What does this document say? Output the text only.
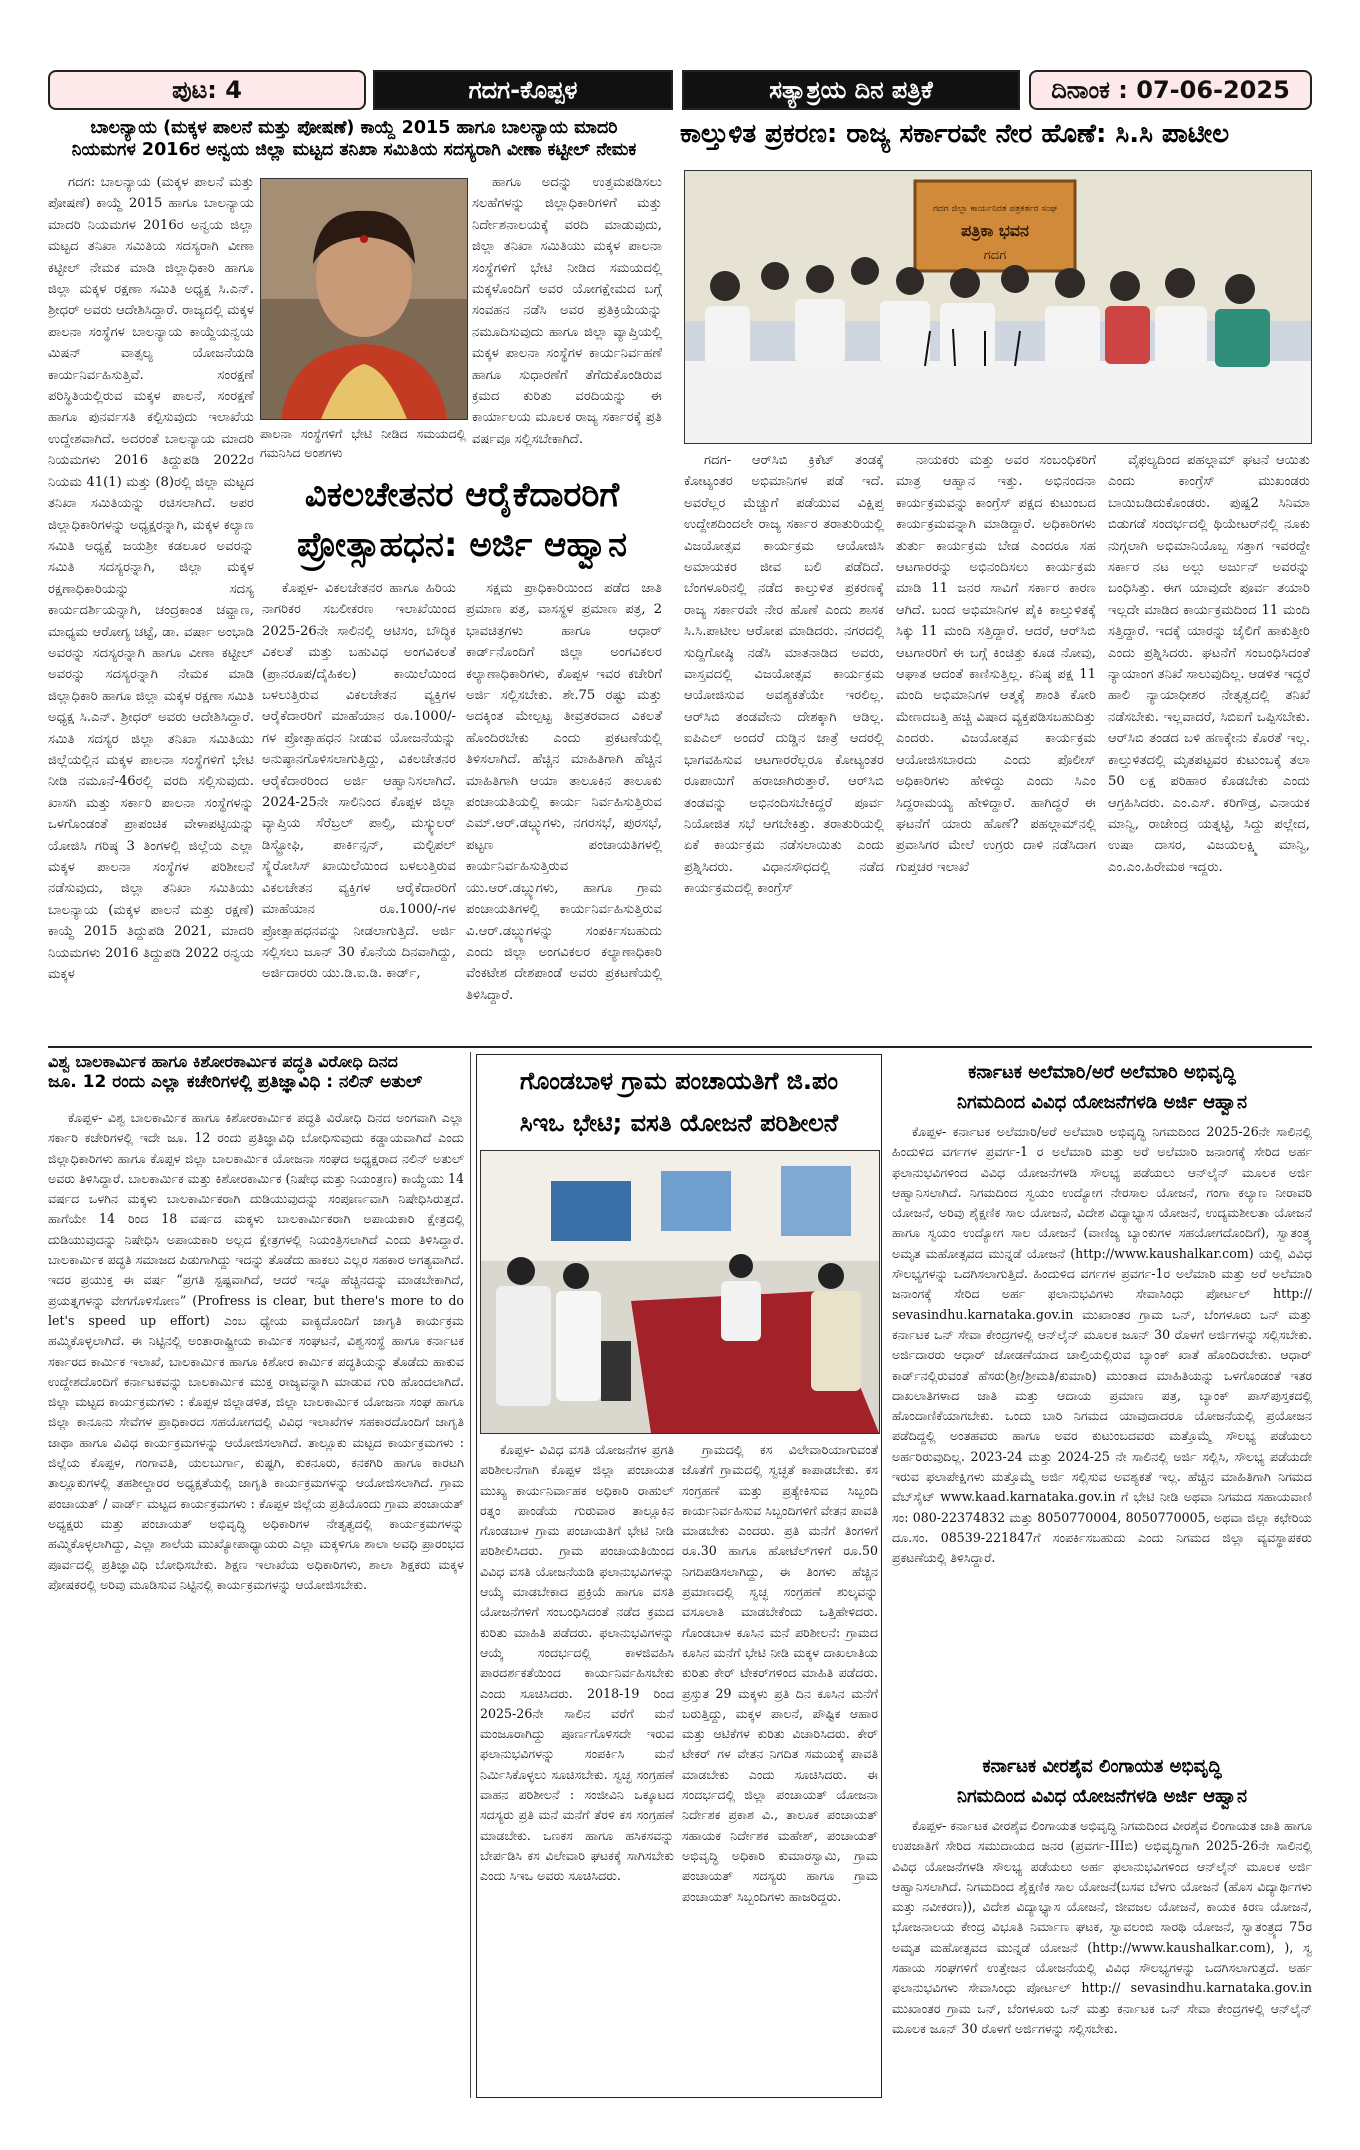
ಪುಟ: 4	ಗದಗ-ಕೊಪ್ಪಳ	ಸತ್ಯಾಶ್ರಯ ದಿನ ಪತ್ರಿಕೆ	ದಿನಾಂಕ : 07-06-2025
ಬಾಲನ್ಯಾಯ (ಮಕ್ಕಳ ಪಾಲನೆ ಮತ್ತು ಪೋಷಣೆ) ಕಾಯ್ದೆ 2015 ಹಾಗೂ ಬಾಲನ್ಯಾಯ ಮಾದರಿ
ನಿಯಮಗಳ 2016ರ ಅನ್ವಯ ಜಿಲ್ಲಾ ಮಟ್ಟದ ತನಿಖಾ ಸಮಿತಿಯ ಸದಸ್ಯರಾಗಿ ವೀಣಾ ಕಟ್ಟೀಲ್ ನೇಮಕ

ಗದಗ: ಬಾಲನ್ಯಾಯ (ಮಕ್ಕಳ ಪಾಲನೆ ಮತ್ತು ಪೋಷಣೆ) ಕಾಯ್ದೆ 2015 ಹಾಗೂ ಬಾಲನ್ಯಾಯ ಮಾದರಿ ನಿಯಮಗಳ 2016ರ ಅನ್ವಯ ಜಿಲ್ಲಾ ಮಟ್ಟದ ತನಿಖಾ ಸಮಿತಿಯ ಸದಸ್ಯರಾಗಿ ವೀಣಾ ಕಟ್ಟೀಲ್ ನೇಮಕ ಮಾಡಿ ಜಿಲ್ಲಾಧಿಕಾರಿ ಹಾಗೂ ಜಿಲ್ಲಾ ಮಕ್ಕಳ ರಕ್ಷಣಾ ಸಮಿತಿ ಅಧ್ಯಕ್ಷ ಸಿ.ಎನ್. ಶ್ರೀಧರ್ ಅವರು ಆದೇಶಿಸಿದ್ದಾರೆ. ರಾಜ್ಯದಲ್ಲಿ ಮಕ್ಕಳ ಪಾಲನಾ ಸಂಸ್ಥೆಗಳ ಬಾಲನ್ಯಾಯ ಕಾಯ್ದೆಯನ್ವಯ ಮಿಷನ್ ವಾತ್ಸಲ್ಯ ಯೋಜನೆಯಡಿ ಕಾರ್ಯನಿರ್ವಹಿಸುತ್ತಿವೆ. ಸಂರಕ್ಷಣೆ ಪರಿಸ್ಥಿತಿಯಲ್ಲಿರುವ ಮಕ್ಕಳ ಪಾಲನೆ, ಸಂರಕ್ಷಣೆ ಹಾಗೂ ಪುನರ್ವಸತಿ ಕಲ್ಪಿಸುವುದು ಇಲಾಖೆಯ ಉದ್ದೇಶವಾಗಿದೆ. ಅದರಂತೆ ಬಾಲನ್ಯಾಯ ಮಾದರಿ ನಿಯಮಗಳು 2016 ತಿದ್ದುಪಡಿ 2022ರ ನಿಯಮ 41(1) ಮತ್ತು (8)ರಲ್ಲಿ ಜಿಲ್ಲಾ ಮಟ್ಟದ ತನಿಖಾ ಸಮಿತಿಯನ್ನು ರಚಿಸಲಾಗಿದೆ. ಅಪರ ಜಿಲ್ಲಾಧಿಕಾರಿಗಳನ್ನು ಅಧ್ಯಕ್ಷರನ್ನಾಗಿ, ಮಕ್ಕಳ ಕಲ್ಯಾಣ ಸಮಿತಿ ಅಧ್ಯಕ್ಷೆ ಜಯಶ್ರೀ ಕಡಲೂರ ಅವರನ್ನು ಸಮಿತಿ ಸದಸ್ಯರನ್ನಾಗಿ, ಜಿಲ್ಲಾ ಮಕ್ಕಳ ರಕ್ಷಣಾಧಿಕಾರಿಯನ್ನು ಸದಸ್ಯ ಕಾರ್ಯದರ್ಶಿಯನ್ನಾಗಿ, ಚಂದ್ರಕಾಂತ ಚವ್ಹಾಣ, ಮಾಧ್ಯಮ ಆರೋಗ್ಯ ಚಟ್ಟೆ, ಡಾ. ವರ್ಷಾ ಅಂಭಾಡಿ ಅವರನ್ನು ಸದಸ್ಯರನ್ನಾಗಿ ಹಾಗೂ ವೀಣಾ ಕಟ್ಟೀಲ್ ಅವರನ್ನು ಸದಸ್ಯರನ್ನಾಗಿ ನೇಮಕ ಮಾಡಿ ಜಿಲ್ಲಾಧಿಕಾರಿ ಹಾಗೂ ಜಿಲ್ಲಾ ಮಕ್ಕಳ ರಕ್ಷಣಾ ಸಮಿತಿ ಅಧ್ಯಕ್ಷ ಸಿ.ಎನ್. ಶ್ರೀಧರ್ ಅವರು ಆದೇಶಿಸಿದ್ದಾರೆ. ಸಮಿತಿ ಸದಸ್ಯರ ಜಿಲ್ಲಾ ತನಿಖಾ ಸಮಿತಿಯು ಜಿಲ್ಲೆಯಲ್ಲಿನ ಮಕ್ಕಳ ಪಾಲನಾ ಸಂಸ್ಥೆಗಳಿಗೆ ಭೇಟಿ ನೀಡಿ ನಮೂನೆ-46ರಲ್ಲಿ ವರದಿ ಸಲ್ಲಿಸುವುದು. ಖಾಸಗಿ ಮತ್ತು ಸರ್ಕಾರಿ ಪಾಲನಾ ಸಂಸ್ಥೆಗಳನ್ನು ಒಳಗೊಂಡಂತೆ ಪ್ರಾಪಂಚಿಕ ವೇಳಾಪಟ್ಟಿಯನ್ನು ಯೋಜಿಸಿ ಗರಿಷ್ಠ 3 ತಿಂಗಳಲ್ಲಿ ಜಿಲ್ಲೆಯ ಎಲ್ಲಾ ಮಕ್ಕಳ ಪಾಲನಾ ಸಂಸ್ಥೆಗಳ ಪರಿಶೀಲನೆ ನಡೆಸುವುದು, ಜಿಲ್ಲಾ ತನಿಖಾ ಸಮಿತಿಯು ಬಾಲನ್ಯಾಯ (ಮಕ್ಕಳ ಪಾಲನೆ ಮತ್ತು ರಕ್ಷಣೆ) ಕಾಯ್ದೆ 2015 ತಿದ್ದುಪಡಿ 2021, ಮಾದರಿ ನಿಯಮಗಳು 2016 ತಿದ್ದುಪಡಿ 2022 ರನ್ವಯ ಮಕ್ಕಳ

ಪಾಲನಾ ಸಂಸ್ಥೆಗಳಿಗೆ ಭೇಟಿ ನೀಡಿದ ಸಮಯದಲ್ಲಿ ಗಮನಿಸಿದ ಅಂಶಗಳು

ಹಾಗೂ ಅದನ್ನು ಉತ್ತಮಪಡಿಸಲು ಸಲಹೆಗಳನ್ನು ಜಿಲ್ಲಾಧಿಕಾರಿಗಳಿಗೆ ಮತ್ತು ನಿರ್ದೇಶನಾಲಯಕ್ಕೆ ವರದಿ ಮಾಡುವುದು, ಜಿಲ್ಲಾ ತನಿಖಾ ಸಮಿತಿಯು ಮಕ್ಕಳ ಪಾಲನಾ ಸಂಸ್ಥೆಗಳಿಗೆ ಭೇಟಿ ನೀಡಿದ ಸಮಯದಲ್ಲಿ ಮಕ್ಕಳೊಂದಿಗೆ ಅವರ ಯೋಗಕ್ಷೇಮದ ಬಗ್ಗೆ ಸಂವಹನ ನಡೆಸಿ ಅವರ ಪ್ರತಿಕ್ರಿಯೆಯನ್ನು ನಮೂದಿಸುವುದು ಹಾಗೂ ಜಿಲ್ಲಾ ವ್ಯಾಪ್ತಿಯಲ್ಲಿ ಮಕ್ಕಳ ಪಾಲನಾ ಸಂಸ್ಥೆಗಳ ಕಾರ್ಯನಿರ್ವಹಣೆ ಹಾಗೂ ಸುಧಾರಣೆಗೆ ತೆಗೆದುಕೊಂಡಿರುವ ಕ್ರಮದ ಕುರಿತು ವರದಿಯನ್ನು ಈ ಕಾರ್ಯಾಲಯ ಮೂಲಕ ರಾಜ್ಯ ಸರ್ಕಾರಕ್ಕೆ ಪ್ರತಿ ವರ್ಷವೂ ಸಲ್ಲಿಸಬೇಕಾಗಿದೆ.

ವಿಕಲಚೇತನರ ಆರೈಕೆದಾರರಿಗೆ
ಪ್ರೋತ್ಸಾಹಧನ: ಅರ್ಜಿ ಆಹ್ವಾನ

ಕೊಪ್ಪಳ- ವಿಕಲಚೇತನರ ಹಾಗೂ ಹಿರಿಯ ನಾಗರಿಕರ ಸಬಲೀಕರಣ ಇಲಾಖೆಯಿಂದ 2025-26ನೇ ಸಾಲಿನಲ್ಲಿ ಆಟಿಸಂ, ಬೌದ್ಧಿಕ ವಿಕಲತೆ ಮತ್ತು ಬಹುವಿಧ ಅಂಗವಿಕಲತೆ (ಪ್ರಾನರೂಪ/ದೈಹಿಕಲ) ಕಾಯಿಲೆಯಿಂದ ಬಳಲುತ್ತಿರುವ ವಿಕಲಚೇತನ ವ್ಯಕ್ತಿಗಳ ಆರೈಕೆದಾರರಿಗೆ ಮಾಹೆಯಾನ ರೂ.1000/- ಗಳ ಪ್ರೋತ್ಸಾಹಧನ ನೀಡುವ ಯೋಜನೆಯನ್ನು ಅನುಷ್ಠಾನಗೊಳಿಸಲಾಗುತ್ತಿದ್ದು, ವಿಕಲಚೇತನರ ಆರೈಕೆದಾರರಿಂದ ಅರ್ಜಿ ಆಹ್ವಾನಿಸಲಾಗಿದೆ. 2024-25ನೇ ಸಾಲಿನಿಂದ ಕೊಪ್ಪಳ ಜಿಲ್ಲಾ ವ್ಯಾಪ್ತಿಯ ಸೆರೆಬ್ರಲ್ ಪಾಲ್ಸಿ, ಮಸ್ಕ್ಯುಲರ್ ಡಿಸ್ಟ್ರೋಫಿ, ಪಾರ್ಕಿನ್ಸನ್, ಮಲ್ಟಿಪಲ್ ಸ್ಕ್ಲೆರೋಸಿಸ್ ಖಾಯಿಲೆಯಿಂದ ಬಳಲುತ್ತಿರುವ ವಿಕಲಚೇತನ ವ್ಯಕ್ತಿಗಳ ಆರೈಕೆದಾರರಿಗೆ ಮಾಹೆಯಾನ ರೂ.1000/-ಗಳ ಪ್ರೋತ್ಸಾಹಧನವನ್ನು ನೀಡಲಾಗುತ್ತಿದೆ. ಅರ್ಜಿ ಸಲ್ಲಿಸಲು ಜೂನ್ 30 ಕೊನೆಯ ದಿನವಾಗಿದ್ದು, ಅರ್ಜಿದಾರರು ಯು.ಡಿ.ಐ.ಡಿ. ಕಾರ್ಡ್,

ಸಕ್ಷಮ ಪ್ರಾಧಿಕಾರಿಯಿಂದ ಪಡೆದ ಜಾತಿ ಪ್ರಮಾಣ ಪತ್ರ, ವಾಸಸ್ಥಳ ಪ್ರಮಾಣ ಪತ್ರ, 2 ಭಾವಚಿತ್ರಗಳು ಹಾಗೂ ಆಧಾರ್ ಕಾರ್ಡ್‌ನೊಂದಿಗೆ ಜಿಲ್ಲಾ ಅಂಗವಿಕಲರ ಕಲ್ಯಾಣಾಧಿಕಾರಿಗಳು, ಕೊಪ್ಪಳ ಇವರ ಕಚೇರಿಗೆ ಅರ್ಜಿ ಸಲ್ಲಿಸಬೇಕು. ಶೇ.75 ರಷ್ಟು ಮತ್ತು ಅದಕ್ಕಿಂತ ಮೇಲ್ಪಟ್ಟ ತೀವ್ರತರವಾದ ವಿಕಲತೆ ಹೊಂದಿರಬೇಕು ಎಂದು ಪ್ರಕಟಣೆಯಲ್ಲಿ ತಿಳಿಸಲಾಗಿದೆ. ಹೆಚ್ಚಿನ ಮಾಹಿತಿಗಾಗಿ ಹೆಚ್ಚಿನ ಮಾಹಿತಿಗಾಗಿ ಆಯಾ ತಾಲೂಕಿನ ತಾಲೂಕು ಪಂಚಾಯತಿಯಲ್ಲಿ ಕಾರ್ಯ ನಿರ್ವಹಿಸುತ್ತಿರುವ ಎಮ್.ಆರ್.ಡಬ್ಲ್ಯುಗಳು, ನಗರಸಭೆ, ಪುರಸಭೆ, ಪಟ್ಟಣ ಪಂಚಾಯತಿಗಳಲ್ಲಿ ಕಾರ್ಯನಿರ್ವಹಿಸುತ್ತಿರುವ ಯು.ಆರ್.ಡಬ್ಲ್ಯುಗಳು, ಹಾಗೂ ಗ್ರಾಮ ಪಂಚಾಯತಿಗಳಲ್ಲಿ ಕಾರ್ಯನಿರ್ವಹಿಸುತ್ತಿರುವ ವಿ.ಆರ್.ಡಬ್ಲ್ಯುಗಳನ್ನು ಸಂಪರ್ಕಿಸಬಹುದು ಎಂದು ಜಿಲ್ಲಾ ಅಂಗವಿಕಲರ ಕಲ್ಯಾಣಾಧಿಕಾರಿ ವೆಂಕಟೇಶ ದೇಶಪಾಂಡೆ ಅವರು ಪ್ರಕಟಣೆಯಲ್ಲಿ ತಿಳಿಸಿದ್ದಾರೆ.

ಕಾಲ್ತುಳಿತ ಪ್ರಕರಣ: ರಾಜ್ಯ ಸರ್ಕಾರವೇ ನೇರ ಹೊಣೆ: ಸಿ.ಸಿ ಪಾಟೀಲ
ಗದಗ ಜಿಲ್ಲಾ ಕಾರ್ಯನಿರತ ಪತ್ರಕರ್ತರ ಸಂಘ
ಪತ್ರಿಕಾ ಭವನ
ಗದಗ

ಗದಗ- ಆರ್‌ಸಿಬಿ ಕ್ರಿಕೆಟ್ ತಂಡಕ್ಕೆ ಕೋಟ್ಯಂತರ ಅಭಿಮಾನಿಗಳ ಪಡೆ ಇದೆ. ಅವರೆಲ್ಲರ ಮೆಚ್ಚುಗೆ ಪಡೆಯುವ ವಿಕ್ಷಿಪ್ತ ಉದ್ದೇಶದಿಂದಲೇ ರಾಜ್ಯ ಸರ್ಕಾರ ತರಾತುರಿಯಲ್ಲಿ ವಿಜಯೋತ್ಸವ ಕಾರ್ಯಕ್ರಮ ಆಯೋಜಿಸಿ ಅಮಾಯಕರ ಜೀವ ಬಲಿ ಪಡೆದಿದೆ. ಬೆಂಗಳೂರಿನಲ್ಲಿ ನಡೆದ ಕಾಲ್ತುಳಿತ ಪ್ರಕರಣಕ್ಕೆ ರಾಜ್ಯ ಸರ್ಕಾರವೇ ನೇರ ಹೊಣೆ ಎಂದು ಶಾಸಕ ಸಿ.ಸಿ.ಪಾಟೀಲ ಆರೋಪ ಮಾಡಿದರು. ನಗರದಲ್ಲಿ ಸುದ್ದಿಗೋಷ್ಠಿ ನಡೆಸಿ ಮಾತನಾಡಿದ ಅವರು, ವಾಸ್ತವದಲ್ಲಿ ವಿಜಯೋತ್ಸವ ಕಾರ್ಯಕ್ರಮ ಆಯೋಜಿಸುವ ಅವಶ್ಯಕತೆಯೇ ಇರಲಿಲ್ಲ. ಆರ್‌ಸಿಬಿ ತಂಡವೇನು ದೇಶಕ್ಕಾಗಿ ಆಡಿಲ್ಲ. ಐಪಿಎಲ್ ಅಂದರೆ ದುಡ್ಡಿನ ಜಾತ್ರೆ ಆದರಲ್ಲಿ ಭಾಗವಹಿಸುವ ಆಟಗಾರರೆಲ್ಲರೂ ಕೋಟ್ಯಂತರ ರೂಪಾಯಿಗೆ ಹರಾಜಾಗಿರುತ್ತಾರೆ. ಆರ್‌ಸಿಬಿ ತಂಡವನ್ನು ಅಭಿನಂದಿಸಬೇಕಿದ್ದರೆ ಪೂರ್ವ ನಿಯೋಜಿತ ಸಭೆ ಆಗಬೇಕಿತ್ತು. ತರಾತುರಿಯಲ್ಲಿ ಏಕೆ ಕಾರ್ಯಕ್ರಮ ನಡೆಸಲಾಯಿತು ಎಂದು ಪ್ರಶ್ನಿಸಿದರು. ವಿಧಾನಸೌಧದಲ್ಲಿ ನಡೆದ ಕಾರ್ಯಕ್ರಮದಲ್ಲಿ ಕಾಂಗ್ರೆಸ್

ನಾಯಕರು ಮತ್ತು ಅವರ ಸಂಬಂಧಿಕರಿಗೆ ಮಾತ್ರ ಆಹ್ವಾನ ಇತ್ತು. ಅಭಿನಂದನಾ ಕಾರ್ಯಕ್ರಮವನ್ನು ಕಾಂಗ್ರೆಸ್ ಪಕ್ಷದ ಕುಟುಂಬದ ಕಾರ್ಯಕ್ರಮವನ್ನಾಗಿ ಮಾಡಿದ್ದಾರೆ. ಅಧಿಕಾರಿಗಳು ತುರ್ತು ಕಾರ್ಯಕ್ರಮ ಬೇಡ ಎಂದರೂ ಸಹ ಆಟಗಾರರನ್ನು ಅಭಿನಂದಿಸಲು ಕಾರ್ಯಕ್ರಮ ಮಾಡಿ 11 ಜನರ ಸಾವಿಗೆ ಸರ್ಕಾರ ಕಾರಣ ಆಗಿದೆ. ಬಂದ ಅಭಿಮಾನಿಗಳ ಪೈಕಿ ಕಾಲ್ತುಳಿತಕ್ಕೆ ಸಿಕ್ಕು 11 ಮಂದಿ ಸತ್ತಿದ್ದಾರೆ. ಆದರೆ, ಆರ್‌ಸಿಬಿ ಆಟಗಾರರಿಗೆ ಈ ಬಗ್ಗೆ ಕಿಂಚಿತ್ತು ಕೂಡ ನೋವು, ಆಘಾತ ಆದಂತೆ ಕಾಣಿಸುತ್ತಿಲ್ಲ. ಕನಿಷ್ಠ ಪಕ್ಷ 11 ಮಂದಿ ಅಭಿಮಾನಿಗಳ ಆತ್ಮಕ್ಕೆ ಶಾಂತಿ ಕೋರಿ ಮೇಣದಬತ್ತಿ ಹಚ್ಚಿ ವಿಷಾದ ವ್ಯಕ್ತಪಡಿಸಬಹುದಿತ್ತು ಎಂದರು. ವಿಜಯೋತ್ಸವ ಕಾರ್ಯಕ್ರಮ ಆಯೋಜಿಸಬಾರದು ಎಂದು ಪೊಲೀಸ್ ಅಧಿಕಾರಿಗಳು ಹೇಳಿದ್ದು ಎಂದು ಸಿಎಂ ಸಿದ್ದರಾಮಯ್ಯ ಹೇಳಿದ್ದಾರೆ. ಹಾಗಿದ್ದರೆ ಈ ಘಟನೆಗೆ ಯಾರು ಹೊಣೆ? ಪಹಲ್ಗಾಮ್‌ನಲ್ಲಿ ಪ್ರವಾಸಿಗರ ಮೇಲೆ ಉಗ್ರರು ದಾಳಿ ನಡೆಸಿದಾಗ ಗುಪ್ತಚರ ಇಲಾಖೆ

ವೈಫಲ್ಯದಿಂದ ಪಹಲ್ಗಾಮ್ ಘಟನೆ ಆಯಿತು ಎಂದು ಕಾಂಗ್ರೆಸ್ ಮುಖಂಡರು ಬಾಯಿಬಡಿದುಕೊಂಡರು. ಪುಷ್ಪ2 ಸಿನಿಮಾ ಬಿಡುಗಡೆ ಸಂದರ್ಭದಲ್ಲಿ ಥಿಯೇಟರ್‌ನಲ್ಲಿ ನೂಕು ನುಗ್ಗಲಾಗಿ ಅಭಿಮಾನಿಯೊಬ್ಬ ಸತ್ತಾಗ ಇವರದ್ದೇ ಸರ್ಕಾರ ನಟ ಅಲ್ಲು ಅರ್ಜುನ್ ಅವರನ್ನು ಬಂಧಿಸಿತ್ತು. ಈಗ ಯಾವುದೇ ಪೂರ್ವ ತಯಾರಿ ಇಲ್ಲದೇ ಮಾಡಿದ ಕಾರ್ಯಕ್ರಮದಿಂದ 11 ಮಂದಿ ಸತ್ತಿದ್ದಾರೆ. ಇದಕ್ಕೆ ಯಾರನ್ನು ಜೈಲಿಗೆ ಹಾಕುತ್ತೀರಿ ಎಂದು ಪ್ರಶ್ನಿಸಿದರು. ಘಟನೆಗೆ ಸಂಬಂಧಿಸಿದಂತೆ ನ್ಯಾಯಾಂಗ ತನಿಖೆ ಸಾಲುವುದಿಲ್ಲ. ಆಡಳಿತ ಇದ್ದರೆ ಹಾಲಿ ನ್ಯಾಯಾಧೀಶರ ನೇತೃತ್ವದಲ್ಲಿ ತನಿಖೆ ನಡೆಸಬೇಕು. ಇಲ್ಲವಾದರೆ, ಸಿಬಿಐಗೆ ಒಪ್ಪಿಸಬೇಕು. ಆರ್‌ಸಿಬಿ ತಂಡದ ಬಳಿ ಹಣಕ್ಕೇನು ಕೊರತೆ ಇಲ್ಲ. ಕಾಲ್ತುಳಿತದಲ್ಲಿ ಮೃತಪಟ್ಟವರ ಕುಟುಂಬಕ್ಕೆ ತಲಾ 50 ಲಕ್ಷ ಪರಿಹಾರ ಕೊಡಬೇಕು ಎಂದು ಆಗ್ರಹಿಸಿದರು. ಎಂ.ಎಸ್. ಕರಿಗೌಡ್ರ, ವಿನಾಯಕ ಮಾನ್ವಿ, ರಾಜೇಂದ್ರ ಯತ್ನಟ್ಟಿ, ಸಿದ್ದು ಪಲ್ಲೇದ, ಉಷಾ ದಾಸರ, ವಿಜಯಲಕ್ಷ್ಮಿ ಮಾನ್ವಿ, ಎಂ.ಎಂ.ಹಿರೇಮಠ ಇದ್ದರು.

ವಿಶ್ವ ಬಾಲಕಾರ್ಮಿಕ ಹಾಗೂ ಕಿಶೋರಕಾರ್ಮಿಕ ಪದ್ಧತಿ ವಿರೋಧಿ ದಿನದ
ಜೂ. 12 ರಂದು ಎಲ್ಲಾ ಕಚೇರಿಗಳಲ್ಲಿ ಪ್ರತಿಜ್ಞಾವಿಧಿ : ನಲಿನ್ ಅತುಲ್

ಕೊಪ್ಪಳ- ವಿಶ್ವ ಬಾಲಕಾರ್ಮಿಕ ಹಾಗೂ ಕಿಶೋರಕಾರ್ಮಿಕ ಪದ್ಧತಿ ವಿರೋಧಿ ದಿನದ ಅಂಗವಾಗಿ ಎಲ್ಲಾ ಸರ್ಕಾರಿ ಕಚೇರಿಗಳಲ್ಲಿ ಇದೇ ಜೂ. 12 ರಂದು ಪ್ರತಿಜ್ಞಾವಿಧಿ ಬೋಧಿಸುವುದು ಕಡ್ಡಾಯವಾಗಿದೆ ಎಂದು ಜಿಲ್ಲಾಧಿಕಾರಿಗಳು ಹಾಗೂ ಕೊಪ್ಪಳ ಜಿಲ್ಲಾ ಬಾಲಕಾರ್ಮಿಕ ಯೋಜನಾ ಸಂಘದ ಅಧ್ಯಕ್ಷರಾದ ನಲಿನ್ ಅತುಲ್ ಅವರು ತಿಳಿಸಿದ್ದಾರೆ. ಬಾಲಕಾರ್ಮಿಕ ಮತ್ತು ಕಿಶೋರಕಾರ್ಮಿಕ (ನಿಷೇಧ ಮತ್ತು ನಿಯಂತ್ರಣ) ಕಾಯ್ದೆಯು 14 ವರ್ಷದ ಒಳಗಿನ ಮಕ್ಕಳು ಬಾಲಕಾರ್ಮಿಕರಾಗಿ ದುಡಿಯುವುದನ್ನು ಸಂಪೂರ್ಣವಾಗಿ ನಿಷೇಧಿಸಿರುತ್ತದೆ. ಹಾಗೆಯೇ 14 ರಿಂದ 18 ವರ್ಷದ ಮಕ್ಕಳು ಬಾಲಕಾರ್ಮಿಕರಾಗಿ ಅಪಾಯಕಾರಿ ಕ್ಷೇತ್ರದಲ್ಲಿ ದುಡಿಯುವುದನ್ನು ನಿಷೇಧಿಸಿ ಅಪಾಯಕಾರಿ ಅಲ್ಲದ ಕ್ಷೇತ್ರಗಳಲ್ಲಿ ನಿಯಂತ್ರಿಸಲಾಗಿದೆ ಎಂದು ತಿಳಿಸಿದ್ದಾರೆ. ಬಾಲಕಾರ್ಮಿಕ ಪದ್ಧತಿ ಸಮಾಜದ ಪಿಡುಗಾಗಿದ್ದು ಇದನ್ನು ತೊಡೆದು ಹಾಕಲು ಎಲ್ಲರ ಸಹಕಾರ ಅಗತ್ಯವಾಗಿದೆ. ಇದರ ಪ್ರಯುಕ್ತ ಈ ವರ್ಷ “ಪ್ರಗತಿ ಸ್ಪಷ್ಟವಾಗಿದೆ, ಆದರೆ ಇನ್ನೂ ಹೆಚ್ಚಿನದನ್ನು ಮಾಡಬೇಕಾಗಿದೆ, ಪ್ರಯತ್ನಗಳನ್ನು ವೇಗಗೊಳಿಸೋಣ” (Profress is clear, but there's more to do let's speed up effort) ಎಂಬ ಧ್ಯೇಯ ವಾಕ್ಯದೊಂದಿಗೆ ಜಾಗೃತಿ ಕಾರ್ಯಕ್ರಮ ಹಮ್ಮಿಕೊಳ್ಳಲಾಗಿದೆ. ಈ ನಿಟ್ಟಿನಲ್ಲಿ ಅಂತಾರಾಷ್ಟ್ರೀಯ ಕಾರ್ಮಿಕ ಸಂಘಟನೆ, ವಿಶ್ವಸಂಸ್ಥೆ ಹಾಗೂ ಕರ್ನಾಟಕ ಸರ್ಕಾರದ ಕಾರ್ಮಿಕ ಇಲಾಖೆ, ಬಾಲಕಾರ್ಮಿಕ ಹಾಗೂ ಕಿಶೋರ ಕಾರ್ಮಿಕ ಪದ್ಧತಿಯನ್ನು ತೊಡೆದು ಹಾಕುವ ಉದ್ದೇಶದೊಂದಿಗೆ ಕರ್ನಾಟಕವನ್ನು ಬಾಲಕಾರ್ಮಿಕ ಮುಕ್ತ ರಾಜ್ಯವನ್ನಾಗಿ ಮಾಡುವ ಗುರಿ ಹೊಂದಲಾಗಿದೆ. ಜಿಲ್ಲಾ ಮಟ್ಟದ ಕಾರ್ಯಕ್ರಮಗಳು : ಕೊಪ್ಪಳ ಜಿಲ್ಲಾಡಳಿತ, ಜಿಲ್ಲಾ ಬಾಲಕಾರ್ಮಿಕ ಯೋಜನಾ ಸಂಘ ಹಾಗೂ ಜಿಲ್ಲಾ ಕಾನೂನು ಸೇವೆಗಳ ಪ್ರಾಧಿಕಾರದ ಸಹಯೋಗದಲ್ಲಿ ವಿವಿಧ ಇಲಾಖೆಗಳ ಸಹಕಾರದೊಂದಿಗೆ ಜಾಗೃತಿ ಜಾಥಾ ಹಾಗೂ ವಿವಿಧ ಕಾರ್ಯಕ್ರಮಗಳನ್ನು ಆಯೋಜಿಸಲಾಗಿದೆ. ತಾಲ್ಲೂಕು ಮಟ್ಟದ ಕಾರ್ಯಕ್ರಮಗಳು : ಜಿಲ್ಲೆಯ ಕೊಪ್ಪಳ, ಗಂಗಾವತಿ, ಯಲಬುರ್ಗಾ, ಕುಷ್ಟಗಿ, ಕುಕನೂರು, ಕನಕಗಿರಿ ಹಾಗೂ ಕಾರಟಗಿ ತಾಲ್ಲೂಕುಗಳಲ್ಲಿ ತಹಶೀಲ್ದಾರರ ಅಧ್ಯಕ್ಷತೆಯಲ್ಲಿ ಜಾಗೃತಿ ಕಾರ್ಯಕ್ರಮಗಳನ್ನು ಆಯೋಜಿಸಲಾಗಿದೆ. ಗ್ರಾಮ ಪಂಚಾಯತ್ / ವಾರ್ಡ್ ಮಟ್ಟದ ಕಾರ್ಯಕ್ರಮಗಳು : ಕೊಪ್ಪಳ ಜಿಲ್ಲೆಯ ಪ್ರತಿಯೊಂದು ಗ್ರಾಮ ಪಂಚಾಯತ್ ಅಧ್ಯಕ್ಷರು ಮತ್ತು ಪಂಚಾಯತ್ ಅಭಿವೃದ್ಧಿ ಅಧಿಕಾರಿಗಳ ನೇತೃತ್ವದಲ್ಲಿ ಕಾರ್ಯಕ್ರಮಗಳನ್ನು ಹಮ್ಮಿಕೊಳ್ಳಲಾಗಿದ್ದು, ಎಲ್ಲಾ ಶಾಲೆಯ ಮುಖ್ಯೋಪಾಧ್ಯಾಯರು ಎಲ್ಲಾ ಮಕ್ಕಳಿಗೂ ಶಾಲಾ ಅವಧಿ ಪ್ರಾರಂಭದ ಪೂರ್ವದಲ್ಲಿ ಪ್ರತಿಜ್ಞಾವಿಧಿ ಬೋಧಿಸಬೇಕು. ಶಿಕ್ಷಣ ಇಲಾಖೆಯ ಅಧಿಕಾರಿಗಳು, ಶಾಲಾ ಶಿಕ್ಷಕರು ಮಕ್ಕಳ ಪೋಷಕರಲ್ಲಿ ಅರಿವು ಮೂಡಿಸುವ ನಿಟ್ಟಿನಲ್ಲಿ ಕಾರ್ಯಕ್ರಮಗಳನ್ನು ಆಯೋಜಿಸಬೇಕು.

ಗೊಂಡಬಾಳ ಗ್ರಾಮ ಪಂಚಾಯತಿಗೆ ಜಿ.ಪಂ
ಸಿಇಒ ಭೇಟಿ; ವಸತಿ ಯೋಜನೆ ಪರಿಶೀಲನೆ

ಕೊಪ್ಪಳ- ವಿವಿಧ ವಸತಿ ಯೋಜನೆಗಳ ಪ್ರಗತಿ ಪರಿಶೀಲನೆಗಾಗಿ ಕೊಪ್ಪಳ ಜಿಲ್ಲಾ ಪಂಚಾಯತ ಮುಖ್ಯ ಕಾರ್ಯನಿರ್ವಾಹಕ ಅಧಿಕಾರಿ ರಾಹುಲ್ ರತ್ನಂ ಪಾಂಡೆಯ ಗುರುವಾರ ತಾಲ್ಲೂಕಿನ ಗೊಂಡಬಾಳ ಗ್ರಾಮ ಪಂಚಾಯತಿಗೆ ಭೇಟಿ ನೀಡಿ ಪರಿಶೀಲಿಸಿದರು. ಗ್ರಾಮ ಪಂಚಾಯತಿಯಿಂದ ವಿವಿಧ ವಸತಿ ಯೋಜನೆಯಡಿ ಫಲಾನುಭವಿಗಳನ್ನು ಆಯ್ಕೆ ಮಾಡಬೇಕಾದ ಪ್ರಕ್ರಿಯೆ ಹಾಗೂ ವಸತಿ ಯೋಜನೆಗಳಿಗೆ ಸಂಬಂಧಿಸಿದಂತೆ ನಡೆದ ಕ್ರಮದ ಕುರಿತು ಮಾಹಿತಿ ಪಡೆದರು. ಫಲಾನುಭವಿಗಳನ್ನು ಆಯ್ಕೆ ಸಂದರ್ಭದಲ್ಲಿ ಕಾಳಜಿವಹಿಸಿ ಪಾರದರ್ಶಕತೆಯಿಂದ ಕಾರ್ಯನಿರ್ವಹಿಸಬೇಕು ಎಂದು ಸೂಚಿಸಿದರು. 2018-19 ರಿಂದ 2025-26ನೇ ಸಾಲಿನ ವರೆಗೆ ಮನೆ ಮಂಜೂರಾಗಿದ್ದು ಪೂರ್ಣಗೊಳಿಸದೇ ಇರುವ ಫಲಾನುಭವಿಗಳನ್ನು ಸಂಪರ್ಕಿಸಿ ಮನೆ ನಿರ್ಮಿಸಿಕೊಳ್ಳಲು ಸೂಚಿಸಬೇಕು. ಸ್ವಚ್ಛ ಸಂಗ್ರಹಣೆ ವಾಹನ ಪರಿಶೀಲನೆ : ಸಂಜೀವಿನಿ ಒಕ್ಕೂಟದ ಸದಸ್ಯರು ಪ್ರತಿ ಮನೆ ಮನೆಗೆ ತೆರಳಿ ಕಸ ಸಂಗ್ರಹಣೆ ಮಾಡಬೇಕು. ಒಣಕಸ ಹಾಗೂ ಹಸಿಕಸವನ್ನು ಬೇರ್ಪಡಿಸಿ ಕಸ ವಿಲೇವಾರಿ ಘಟಕಕ್ಕೆ ಸಾಗಿಸಬೇಕು ಎಂದು ಸಿಇಒ ಅವರು ಸೂಚಿಸಿದರು.

ಗ್ರಾಮದಲ್ಲಿ ಕಸ ವಿಲೇವಾರಿಯಾಗುವಂತೆ ಜೊತೆಗೆ ಗ್ರಾಮದಲ್ಲಿ ಸ್ವಚ್ಛತೆ ಕಾಪಾಡಬೇಕು. ಕಸ ಸಂಗ್ರಹಣೆ ಮತ್ತು ಪ್ರತ್ಯೇಕಿಸುವ ಸಿಬ್ಬಂದಿ ಕಾರ್ಯನಿರ್ವಹಿಸುವ ಸಿಬ್ಬಂದಿಗಳಿಗೆ ವೇತನ ಪಾವತಿ ಮಾಡಬೇಕು ಎಂದರು. ಪ್ರತಿ ಮನೆಗೆ ತಿಂಗಳಿಗೆ ರೂ.30 ಹಾಗೂ ಹೋಟೆಲ್‌ಗಳಿಗೆ ರೂ.50 ನಿಗದಿಪಡಿಸಲಾಗಿದ್ದು, ಈ ತಿಂಗಳು ಹೆಚ್ಚಿನ ಪ್ರಮಾಣದಲ್ಲಿ ಸ್ವಚ್ಛ ಸಂಗ್ರಹಣೆ ಶುಲ್ಕವನ್ನು ವಸೂಲಾತಿ ಮಾಡಬೇಕೆಂದು ಒತ್ತಿಹೇಳಿದರು. ಗೊಂಡಬಾಳ ಕೂಸಿನ ಮನೆ ಪರಿಶೀಲನೆ: ಗ್ರಾಮದ ಕೂಸಿನ ಮನೆಗೆ ಭೇಟಿ ನೀಡಿ ಮಕ್ಕಳ ದಾಖಲಾತಿಯ ಕುರಿತು ಕೇರ್ ಟೇಕರ್‌ಗಳಿಂದ ಮಾಹಿತಿ ಪಡೆದರು. ಪ್ರಸ್ತುತ 29 ಮಕ್ಕಳು ಪ್ರತಿ ದಿನ ಕೂಸಿನ ಮನೆಗೆ ಬರುತ್ತಿದ್ದು, ಮಕ್ಕಳ ಪಾಲನೆ, ಪೌಷ್ಟಿಕ ಆಹಾರ ಮತ್ತು ಆಟಿಕೆಗಳ ಕುರಿತು ವಿಚಾರಿಸಿದರು. ಕೇರ್ ಟೇಕರ್ ಗಳ ವೇತನ ನಿಗದಿತ ಸಮಯಕ್ಕೆ ಪಾವತಿ ಮಾಡಬೇಕು ಎಂದು ಸೂಚಿಸಿದರು. ಈ ಸಂದರ್ಭದಲ್ಲಿ ಜಿಲ್ಲಾ ಪಂಚಾಯತ್ ಯೋಜನಾ ನಿರ್ದೇಶಕ ಪ್ರಕಾಶ ವಿ., ತಾಲೂಕ ಪಂಚಾಯತ್ ಸಹಾಯಕ ನಿರ್ದೇಶಕ ಮಹೇಶ್, ಪಂಚಾಯತ್ ಅಭಿವೃದ್ಧಿ ಅಧಿಕಾರಿ ಕುಮಾರಸ್ವಾಮಿ, ಗ್ರಾಮ ಪಂಚಾಯತ್ ಸದಸ್ಯರು ಹಾಗೂ ಗ್ರಾಮ ಪಂಚಾಯತ್ ಸಿಬ್ಬಂದಿಗಳು ಹಾಜರಿದ್ದರು.

ಕರ್ನಾಟಕ ಅಲೆಮಾರಿ/ಅರೆ ಅಲೆಮಾರಿ ಅಭಿವೃದ್ಧಿ
ನಿಗಮದಿಂದ ವಿವಿಧ ಯೋಜನೆಗಳಡಿ ಅರ್ಜಿ ಆಹ್ವಾನ

ಕೊಪ್ಪಳ- ಕರ್ನಾಟಕ ಅಲೆಮಾರಿ/ಅರೆ ಅಲೆಮಾರಿ ಅಭಿವೃದ್ಧಿ ನಿಗಮದಿಂದ 2025-26ನೇ ಸಾಲಿನಲ್ಲಿ ಹಿಂದುಳಿದ ವರ್ಗಗಳ ಪ್ರವರ್ಗ-1 ರ ಅಲೆಮಾರಿ ಮತ್ತು ಅರೆ ಅಲೆಮಾರಿ ಜನಾಂಗಕ್ಕೆ ಸೇರಿದ ಅರ್ಹ ಫಲಾನುಭವಿಗಳಿಂದ ವಿವಿಧ ಯೋಜನೆಗಳಡಿ ಸೌಲಭ್ಯ ಪಡೆಯಲು ಆನ್‌ಲೈನ್ ಮೂಲಕ ಅರ್ಜಿ ಆಹ್ವಾನಿಸಲಾಗಿದೆ. ನಿಗಮದಿಂದ ಸ್ವಯಂ ಉದ್ಯೋಗ ನೇರಸಾಲ ಯೋಜನೆ, ಗಂಗಾ ಕಲ್ಯಾಣ ನೀರಾವರಿ ಯೋಜನೆ, ಅರಿವು ಶೈಕ್ಷಣಿಕ ಸಾಲ ಯೋಜನೆ, ವಿದೇಶ ವಿದ್ಯಾಭ್ಯಾಸ ಯೋಜನೆ, ಉದ್ಯಮಶೀಲತಾ ಯೋಜನೆ ಹಾಗೂ ಸ್ವಯಂ ಉದ್ಯೋಗ ಸಾಲ ಯೋಜನೆ (ವಾಣಿಜ್ಯ ಬ್ಯಾಂಕುಗಳ ಸಹಯೋಗದೊಂದಿಗೆ), ಸ್ವಾತಂತ್ರ್ಯ ಅಮೃತ ಮಹೋತ್ಸವದ ಮುನ್ನಡೆ ಯೋಜನೆ (http://www.kaushalkar.com) ಯಲ್ಲಿ ವಿವಿಧ ಸೌಲಭ್ಯಗಳನ್ನು ಒದಗಿಸಲಾಗುತ್ತಿದೆ. ಹಿಂದುಳಿದ ವರ್ಗಗಳ ಪ್ರವರ್ಗ-1ರ ಅಲೆಮಾರಿ ಮತ್ತು ಅರೆ ಅಲೆಮಾರಿ ಜನಾಂಗಕ್ಕೆ ಸೇರಿದ ಅರ್ಹ ಫಲಾನುಭವಿಗಳು ಸೇವಾಸಿಂಧು ಪೋರ್ಟಲ್ http:// sevasindhu.karnataka.gov.in ಮುಖಾಂತರ ಗ್ರಾಮ ಒನ್, ಬೆಂಗಳೂರು ಒನ್ ಮತ್ತು ಕರ್ನಾಟಕ ಒನ್ ಸೇವಾ ಕೇಂದ್ರಗಳಲ್ಲಿ ಆನ್‌ಲೈನ್ ಮೂಲಕ ಜೂನ್ 30 ರೊಳಗೆ ಅರ್ಜಿಗಳನ್ನು ಸಲ್ಲಿಸಬೇಕು. ಅರ್ಜಿದಾರರು ಆಧಾರ್ ಜೋಡಣೆಯಾದ ಚಾಲ್ತಿಯಲ್ಲಿರುವ ಬ್ಯಾಂಕ್ ಖಾತೆ ಹೊಂದಿರಬೇಕು. ಆಧಾರ್ ಕಾರ್ಡ್‌ನಲ್ಲಿರುವಂತೆ ಹೆಸರು(ಶ್ರೀ/ಶ್ರೀಮತಿ/ಕುಮಾರಿ) ಮುಂತಾದ ಮಾಹಿತಿಯನ್ನು ಒಳಗೊಂಡಂತೆ ಇತರ ದಾಖಲಾತಿಗಳಾದ ಜಾತಿ ಮತ್ತು ಆದಾಯ ಪ್ರಮಾಣ ಪತ್ರ, ಬ್ಯಾಂಕ್ ಪಾಸ್‌ಪುಸ್ತಕದಲ್ಲಿ ಹೊಂದಾಣಿಕೆಯಾಗಬೇಕು. ಒಂದು ಬಾರಿ ನಿಗಮದ ಯಾವುದಾದರೂ ಯೋಜನೆಯಲ್ಲಿ ಪ್ರಯೋಜನ ಪಡೆದಿದ್ದಲ್ಲಿ ಅಂತಹವರು ಹಾಗೂ ಅವರ ಕುಟುಂಬದವರು ಮತ್ತೊಮ್ಮೆ ಸೌಲಭ್ಯ ಪಡೆಯಲು ಅರ್ಹರಿರುವುದಿಲ್ಲ. 2023-24 ಮತ್ತು 2024-25 ನೇ ಸಾಲಿನಲ್ಲಿ ಅರ್ಜಿ ಸಲ್ಲಿಸಿ, ಸೌಲಭ್ಯ ಪಡೆಯದೇ ಇರುವ ಫಲಾಪೇಕ್ಷಿಗಳು ಮತ್ತೊಮ್ಮೆ ಅರ್ಜಿ ಸಲ್ಲಿಸುವ ಅವಶ್ಯಕತೆ ಇಲ್ಲ. ಹೆಚ್ಚಿನ ಮಾಹಿತಿಗಾಗಿ ನಿಗಮದ ವೆಬ್‌ಸೈಟ್ www.kaad.karnataka.gov.in ಗೆ ಭೇಟಿ ನೀಡಿ ಅಥವಾ ನಿಗಮದ ಸಹಾಯವಾಣಿ ಸಂ: 080-22374832 ಮತ್ತು 8050770004, 8050770005, ಅಥವಾ ಜಿಲ್ಲಾ ಕಛೇರಿಯ ದೂ.ಸಂ. 08539-221847ಗೆ ಸಂಪರ್ಕಿಸಬಹುದು ಎಂದು ನಿಗಮದ ಜಿಲ್ಲಾ ವ್ಯವಸ್ಥಾಪಕರು ಪ್ರಕಟಣೆಯಲ್ಲಿ ತಿಳಿಸಿದ್ದಾರೆ.

ಕರ್ನಾಟಕ ವೀರಶೈವ ಲಿಂಗಾಯತ ಅಭಿವೃದ್ಧಿ
ನಿಗಮದಿಂದ ವಿವಿಧ ಯೋಜನೆಗಳಡಿ ಅರ್ಜಿ ಆಹ್ವಾನ

ಕೊಪ್ಪಳ- ಕರ್ನಾಟಕ ವೀರಶೈವ ಲಿಂಗಾಯತ ಅಭಿವೃದ್ಧಿ ನಿಗಮದಿಂದ ವೀರಶೈವ ಲಿಂಗಾಯತ ಜಾತಿ ಹಾಗೂ ಉಪಜಾತಿಗೆ ಸೇರಿದ ಸಮುದಾಯದ ಜನರ (ಪ್ರವರ್ಗ-IIIಬಿ) ಅಭಿವೃದ್ಧಿಗಾಗಿ 2025-26ನೇ ಸಾಲಿನಲ್ಲಿ ವಿವಿಧ ಯೋಜನೆಗಳಡಿ ಸೌಲಭ್ಯ ಪಡೆಯಲು ಅರ್ಹ ಫಲಾನುಭವಿಗಳಿಂದ ಆನ್‌ಲೈನ್ ಮೂಲಕ ಅರ್ಜಿ ಆಹ್ವಾನಿಸಲಾಗಿದೆ. ನಿಗಮದಿಂದ ಶೈಕ್ಷಣಿಕ ಸಾಲ ಯೋಜನೆ(ಬಸವ ಬೆಳಗು ಯೋಜನೆ (ಹೊಸ ವಿದ್ಯಾರ್ಥಿಗಳು ಮತ್ತು ನವೀಕರಣ)), ವಿದೇಶ ವಿದ್ಯಾಭ್ಯಾಸ ಯೋಜನೆ, ಜೀವಜಲ ಯೋಜನೆ, ಕಾಯಕ ಕಿರಣ ಯೋಜನೆ, ಭೋಜನಾಲಯ ಕೇಂದ್ರ ವಿಭೂತಿ ನಿರ್ಮಾಣ ಘಟಕ, ಸ್ವಾವಲಂಬಿ ಸಾರಥಿ ಯೋಜನೆ, ಸ್ವಾತಂತ್ರ್ಯದ 75ರ ಅಮೃತ ಮಹೋತ್ಸವದ ಮುನ್ನಡೆ ಯೋಜನೆ (http://www.kaushalkar.com), ), ಸ್ವ ಸಹಾಯ ಸಂಘಗಳಿಗೆ ಉತ್ತೇಜನ ಯೋಜನೆಯಲ್ಲಿ ವಿವಿಧ ಸೌಲಭ್ಯಗಳನ್ನು ಒದಗಿಸಲಾಗುತ್ತದೆ. ಅರ್ಹ ಫಲಾನುಭವಿಗಳು ಸೇವಾಸಿಂಧು ಪೋರ್ಟಲ್ http:// sevasindhu.karnataka.gov.in ಮುಖಾಂತರ ಗ್ರಾಮ ಒನ್, ಬೆಂಗಳೂರು ಒನ್ ಮತ್ತು ಕರ್ನಾಟಕ ಒನ್ ಸೇವಾ ಕೇಂದ್ರಗಳಲ್ಲಿ ಆನ್‌ಲೈನ್ ಮೂಲಕ ಜೂನ್ 30 ರೊಳಗೆ ಅರ್ಜಿಗಳನ್ನು ಸಲ್ಲಿಸಬೇಕು.
